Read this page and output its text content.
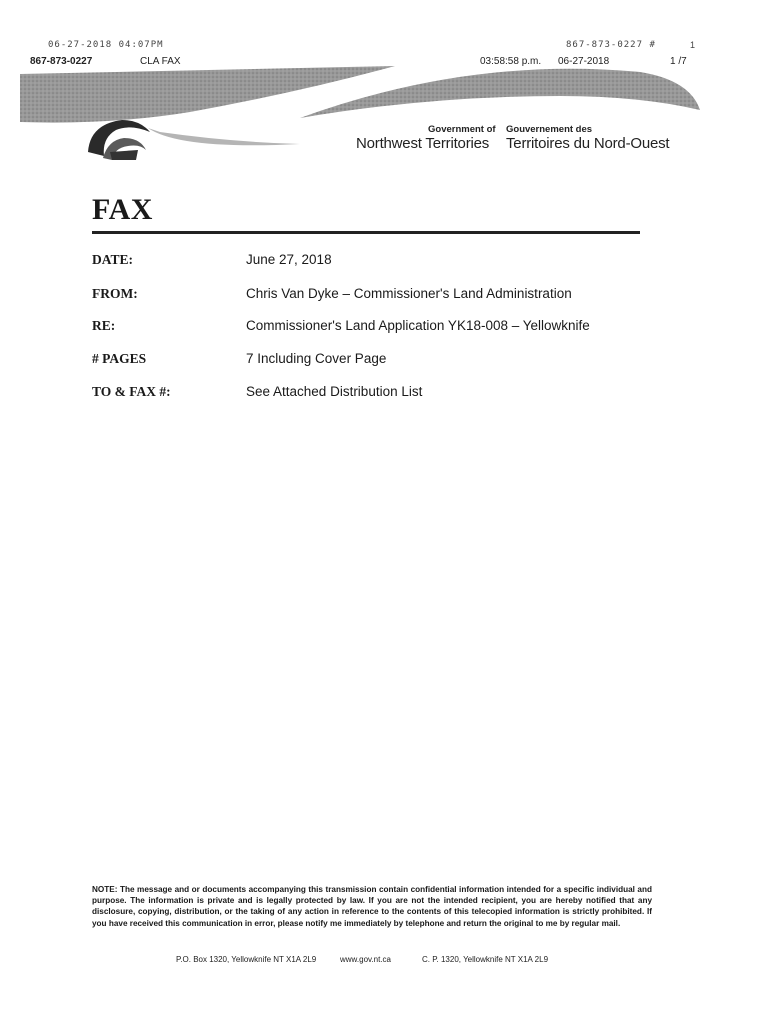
06-27-2018 04:07PM	867-873-0227 #	1
867-873-0227	CLA FAX	03:58:58 p.m. 06-27-2018	1 /7
Government of Gouvernement des
Northwest Territories Territoires du Nord-Ouest
FAX
DATE:	June 27, 2018
FROM:	Chris Van Dyke – Commissioner's Land Administration
RE:	Commissioner's Land Application YK18-008 – Yellowknife
# PAGES	7 Including Cover Page
TO & FAX #:	See Attached Distribution List
NOTE: The message and or documents accompanying this transmission contain confidential information intended for a specific individual and purpose. The information is private and is legally protected by law. If you are not the intended recipient, you are hereby notified that any disclosure, copying, distribution, or the taking of any action in reference to the contents of this telecopied information is strictly prohibited. If you have received this communication in error, please notify me immediately by telephone and return the original to me by regular mail.
P.O. Box 1320, Yellowknife NT X1A 2L9	www.gov.nt.ca	C. P. 1320, Yellowknife NT X1A 2L9
